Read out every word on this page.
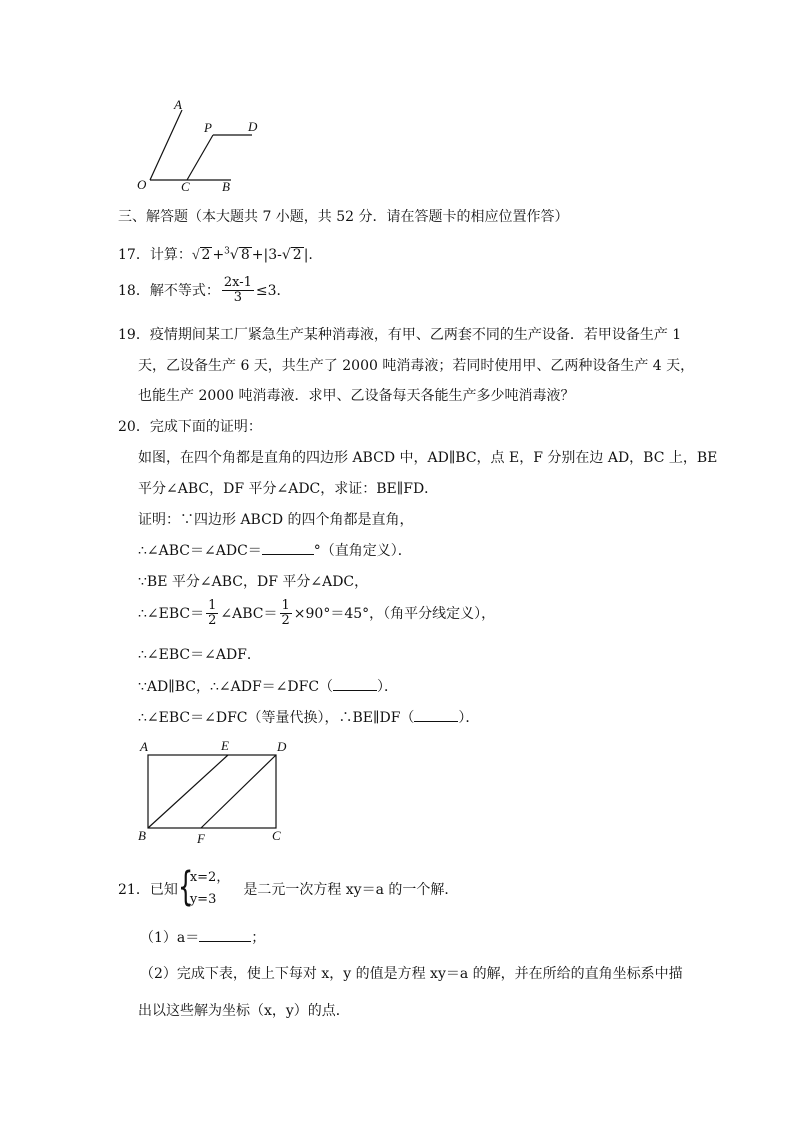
A
P	D
O	C B
三、解答题（本大题共 7 小题，共 52 分．请在答题卡的相应位置作答）
17．计算：√ 2 +$^3$√ 8 +|3-√ 2 |.
18．解不等式： $\frac{2x-1}{3} \le 3$．
19．疫情期间某工厂紧急生产某种消毒液，有甲、乙两套不同的生产设备．若甲设备生产 1
天，乙设备生产 6 天，共生产了 2000 吨消毒液；若同时使用甲、乙两种设备生产 4 天，
也能生产 2000 吨消毒液．求甲、乙设备每天各能生产多少吨消毒液？
20．完成下面的证明：
如图，在四个角都是直角的四边形 ABCD 中，AD∥BC，点 E，F 分别在边 AD，BC 上，BE
平分∠ABC，DF 平分∠ADC，求证：BE∥FD．
证明：∵四边形 ABCD 的四个角都是直角，
∴∠ABC＝∠ADC＝	°（直角定义）．
∵BE 平分∠ABC，DF 平分∠ADC，
∴∠EBC＝ $\frac{1}{2}$ ∠ABC＝ $\frac{1}{2} \times 90^\circ=45^\circ$，（角平分线定义），
∴∠EBC＝∠ADF．
∵AD∥BC，∴∠ADF＝∠DFC（	）．
∴∠EBC＝∠DFC（等量代换），∴BE∥DF（	）．
A	E	D
B	F	C
21． 已知 {
x=2，
y=3
是二元一次方程 xy＝a 的一个解．
（1）a＝	；
（2）完成下表，使上下每对 x，y 的值是方程 xy＝a 的解，并在所给的直角坐标系中描
出以这些解为坐标（x，y）的点．
